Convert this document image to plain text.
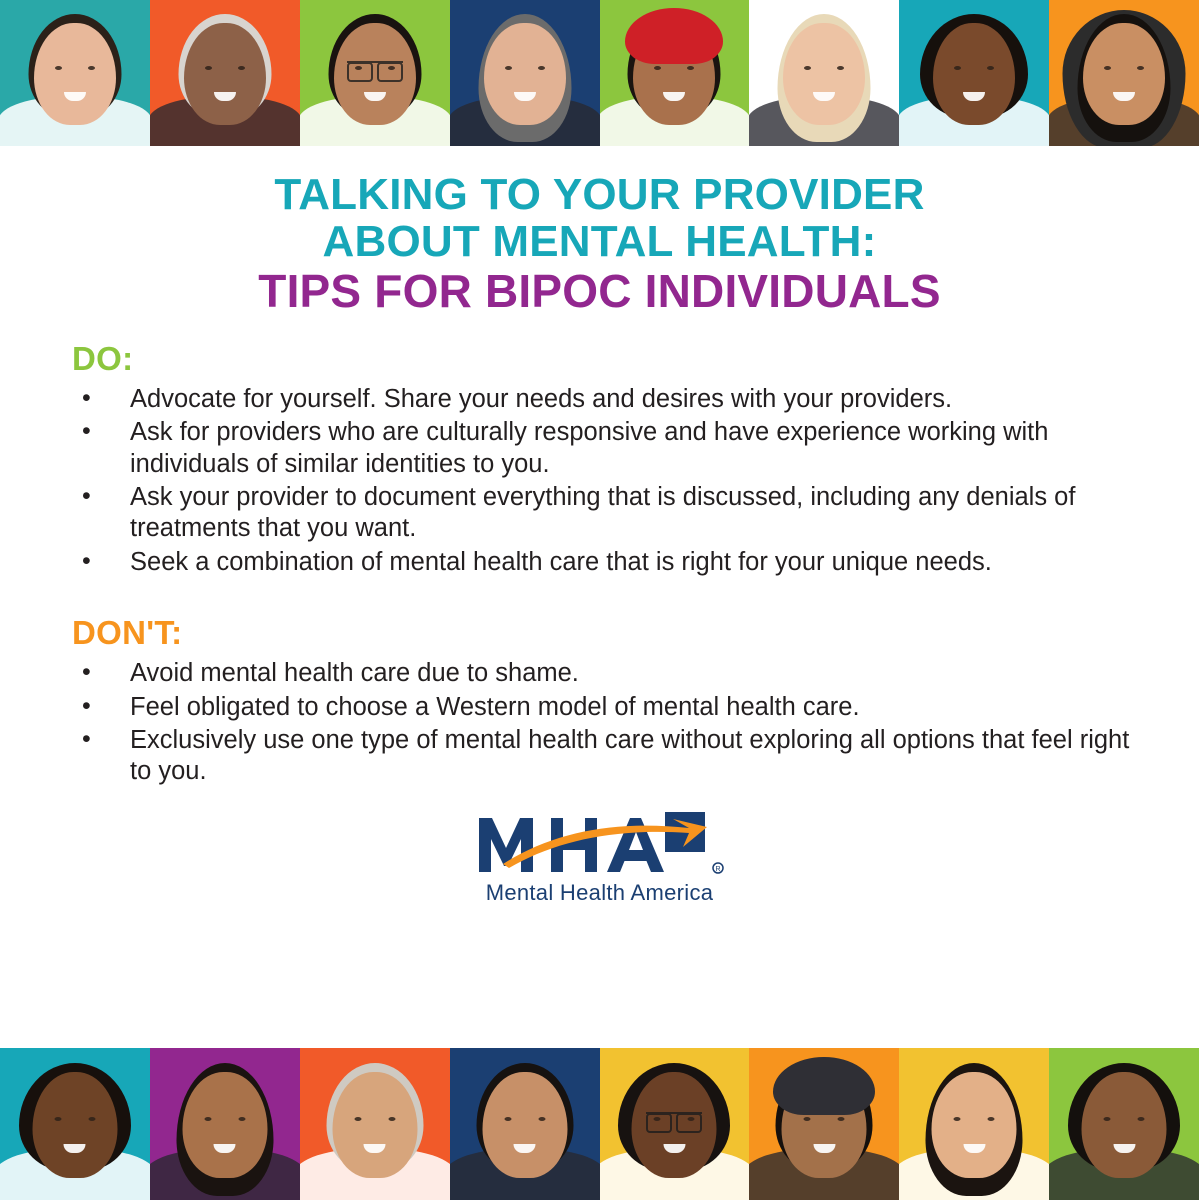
TALKING TO YOUR PROVIDER
ABOUT MENTAL HEALTH:
TIPS FOR BIPOC INDIVIDUALS
DO:
• Advocate for yourself. Share your needs and desires with your providers.
• Ask for providers who are culturally responsive and have experience working with individuals of similar identities to you.
• Ask your provider to document everything that is discussed, including any denials of treatments that you want.
• Seek a combination of mental health care that is right for your unique needs.
DON'T:
• Avoid mental health care due to shame.
• Feel obligated to choose a Western model of mental health care.
• Exclusively use one type of mental health care without exploring all options that feel right to you.
R
Mental Health America
